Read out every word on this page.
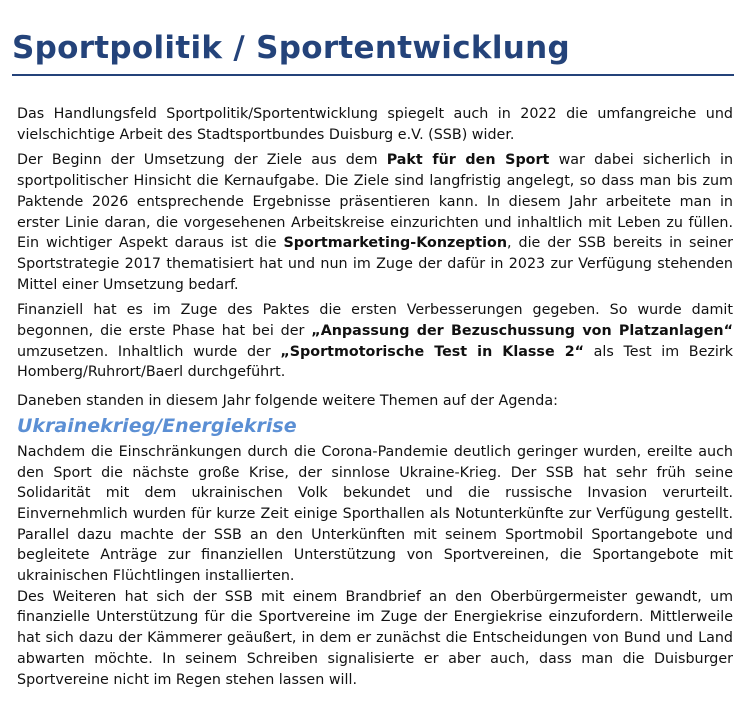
Sportpolitik / Sportentwicklung

Das Handlungsfeld Sportpolitik/Sportentwicklung spiegelt auch in 2022 die umfangreiche und vielschichtige Arbeit des Stadtsportbundes Duisburg e.V. (SSB) wider.

Der Beginn der Umsetzung der Ziele aus dem Pakt für den Sport war dabei sicherlich in sportpolitischer Hinsicht die Kernaufgabe. Die Ziele sind langfristig angelegt, so dass man bis zum Paktende 2026 entsprechende Ergebnisse präsentieren kann. In diesem Jahr arbeitete man in erster Linie daran, die vorgesehenen Arbeitskreise einzurichten und inhaltlich mit Leben zu füllen. Ein wichtiger Aspekt daraus ist die Sportmarketing-Konzeption, die der SSB bereits in seiner Sportstrategie 2017 thematisiert hat und nun im Zuge der dafür in 2023 zur Verfügung stehenden Mittel einer Umsetzung bedarf.

Finanziell hat es im Zuge des Paktes die ersten Verbesserungen gegeben. So wurde damit begonnen, die erste Phase hat bei der „Anpassung der Bezuschussung von Platzanlagen“ umzusetzen. Inhaltlich wurde der „Sportmotorische Test in Klasse 2“ als Test im Bezirk Homberg/Ruhrort/Baerl durchgeführt.

Daneben standen in diesem Jahr folgende weitere Themen auf der Agenda:

Ukrainekrieg/Energiekrise

Nachdem die Einschränkungen durch die Corona-Pandemie deutlich geringer wurden, ereilte auch den Sport die nächste große Krise, der sinnlose Ukraine-Krieg. Der SSB hat sehr früh seine Solidarität mit dem ukrainischen Volk bekundet und die russische Invasion verurteilt. Einvernehmlich wurden für kurze Zeit einige Sporthallen als Notunterkünfte zur Verfügung gestellt. Parallel dazu machte der SSB an den Unterkünften mit seinem Sportmobil Sportangebote und begleitete Anträge zur finanziellen Unterstützung von Sportvereinen, die Sportangebote mit ukrainischen Flüchtlingen installierten.

Des Weiteren hat sich der SSB mit einem Brandbrief an den Oberbürgermeister gewandt, um finanzielle Unterstützung für die Sportvereine im Zuge der Energiekrise einzufordern. Mittlerweile hat sich dazu der Kämmerer geäußert, in dem er zunächst die Entscheidungen von Bund und Land abwarten möchte. In seinem Schreiben signalisierte er aber auch, dass man die Duisburger Sportvereine nicht im Regen stehen lassen will.
